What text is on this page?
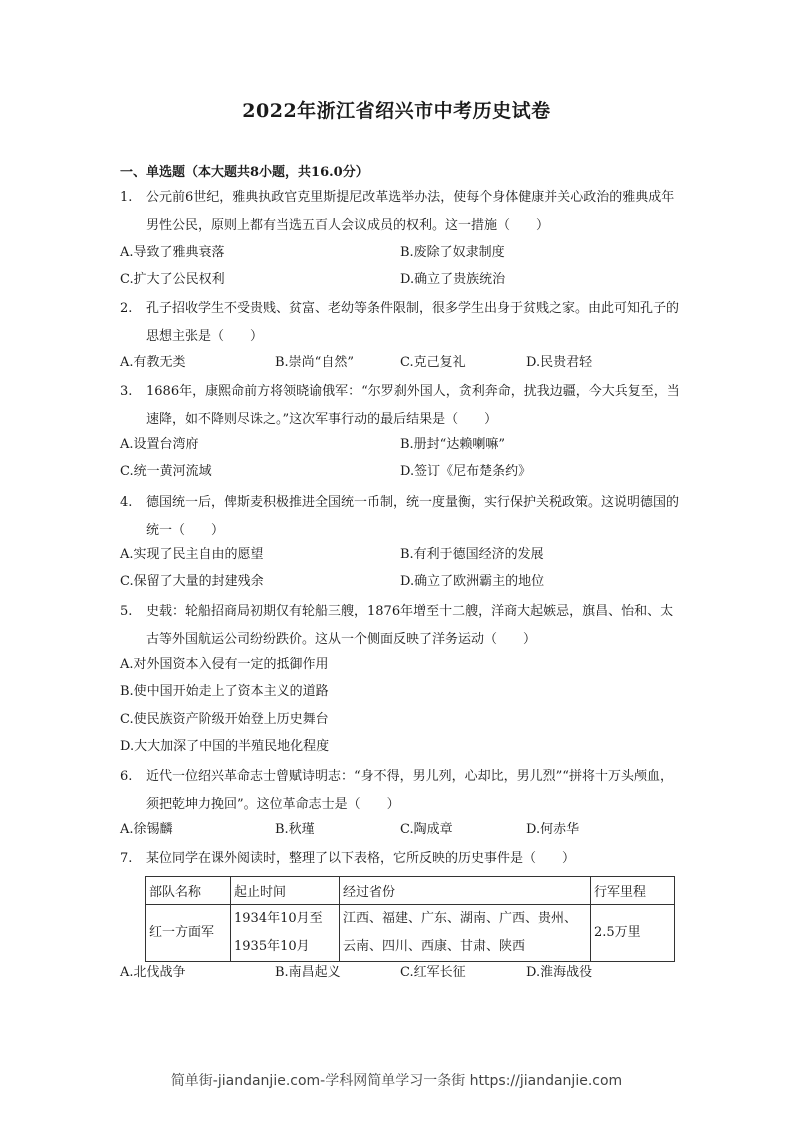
2022年浙江省绍兴市中考历史试卷
一、单选题（本大题共8小题，共16.0分）
1. 公元前6世纪，雅典执政官克里斯提尼改革选举办法，使每个身体健康并关心政治的雅典成年男性公民，原则上都有当选五百人会议成员的权利。这一措施（　　）
A.导致了雅典衰落	B.废除了奴隶制度
C.扩大了公民权利	D.确立了贵族统治
2. 孔子招收学生不受贵贱、贫富、老幼等条件限制，很多学生出身于贫贱之家。由此可知孔子的思想主张是（　　）
A.有教无类	B.崇尚“自然”	C.克己复礼	D.民贵君轻
3. 1686年，康熙命前方将领晓谕俄军：“尔罗刹外国人，贪利奔命，扰我边疆，今大兵复至，当速降，如不降则尽诛之。”这次军事行动的最后结果是（　　）
A.设置台湾府	B.册封“达赖喇嘛”
C.统一黄河流域	D.签订《尼布楚条约》
4. 德国统一后，俾斯麦积极推进全国统一币制，统一度量衡，实行保护关税政策。这说明德国的统一（　　）
A.实现了民主自由的愿望	B.有利于德国经济的发展
C.保留了大量的封建残余	D.确立了欧洲霸主的地位
5. 史载：轮船招商局初期仅有轮船三艘，1876年增至十二艘，洋商大起嫉忌，旗昌、怡和、太古等外国航运公司纷纷跌价。这从一个侧面反映了洋务运动（　　）
A.对外国资本入侵有一定的抵御作用
B.使中国开始走上了资本主义的道路
C.使民族资产阶级开始登上历史舞台
D.大大加深了中国的半殖民地化程度
6. 近代一位绍兴革命志士曾赋诗明志：“身不得，男儿列，心却比，男儿烈”“拼将十万头颅血，须把乾坤力挽回”。这位革命志士是（　　）
A.徐锡麟	B.秋瑾	C.陶成章	D.何赤华
7. 某位同学在课外阅读时，整理了以下表格，它所反映的历史事件是（　　）
部队名称	起止时间	经过省份	行军里程
红一方面军	1934年10月至1935年10月	江西、福建、广东、湖南、广西、贵州、云南、四川、西康、甘肃、陕西	2.5万里
A.北伐战争	B.南昌起义	C.红军长征	D.淮海战役
简单街-jiandanjie.com-学科网简单学习一条街 https://jiandanjie.com
